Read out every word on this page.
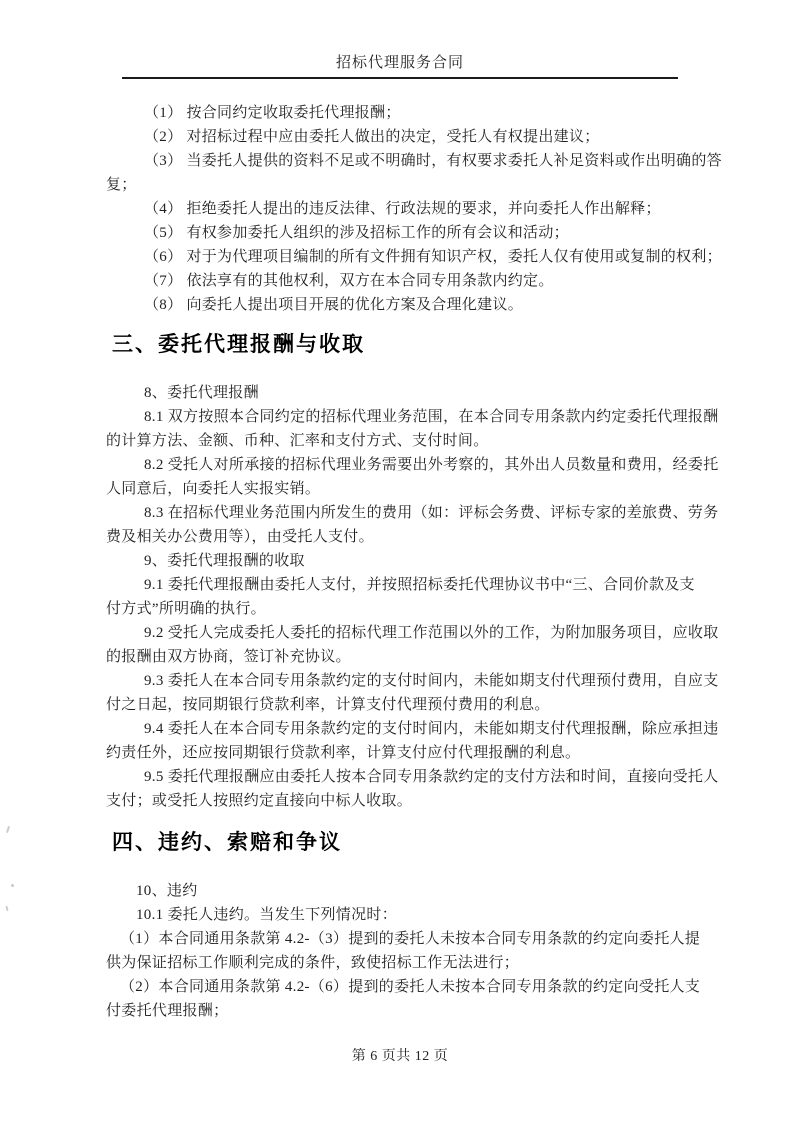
招标代理服务合同
（1） 按合同约定收取委托代理报酬；
（2） 对招标过程中应由委托人做出的决定，受托人有权提出建议；
（3） 当委托人提供的资料不足或不明确时，有权要求委托人补足资料或作出明确的答
复；
（4） 拒绝委托人提出的违反法律、行政法规的要求，并向委托人作出解释；
（5） 有权参加委托人组织的涉及招标工作的所有会议和活动；
（6） 对于为代理项目编制的所有文件拥有知识产权，委托人仅有使用或复制的权利；
（7） 依法享有的其他权利，双方在本合同专用条款内约定。
（8） 向委托人提出项目开展的优化方案及合理化建议。
三、委托代理报酬与收取
8、委托代理报酬
8.1 双方按照本合同约定的招标代理业务范围，在本合同专用条款内约定委托代理报酬
的计算方法、金额、币种、汇率和支付方式、支付时间。
8.2 受托人对所承接的招标代理业务需要出外考察的，其外出人员数量和费用，经委托
人同意后，向委托人实报实销。
8.3 在招标代理业务范围内所发生的费用（如：评标会务费、评标专家的差旅费、劳务
费及相关办公费用等），由受托人支付。
9、委托代理报酬的收取
9.1 委托代理报酬由委托人支付，并按照招标委托代理协议书中“三、合同价款及支
付方式”所明确的执行。
9.2 受托人完成委托人委托的招标代理工作范围以外的工作，为附加服务项目，应收取
的报酬由双方协商，签订补充协议。
9.3 委托人在本合同专用条款约定的支付时间内，未能如期支付代理预付费用，自应支
付之日起，按同期银行贷款利率，计算支付代理预付费用的利息。
9.4 委托人在本合同专用条款约定的支付时间内，未能如期支付代理报酬，除应承担违
约责任外，还应按同期银行贷款利率，计算支付应付代理报酬的利息。
9.5 委托代理报酬应由委托人按本合同专用条款约定的支付方法和时间，直接向受托人
支付；或受托人按照约定直接向中标人收取。
四、违约、索赔和争议
10、违约
10.1 委托人违约。当发生下列情况时：
（1）本合同通用条款第 4.2-（3）提到的委托人未按本合同专用条款的约定向委托人提
供为保证招标工作顺利完成的条件，致使招标工作无法进行；
（2）本合同通用条款第 4.2-（6）提到的委托人未按本合同专用条款的约定向受托人支
付委托代理报酬；
第 6 页共 12 页
